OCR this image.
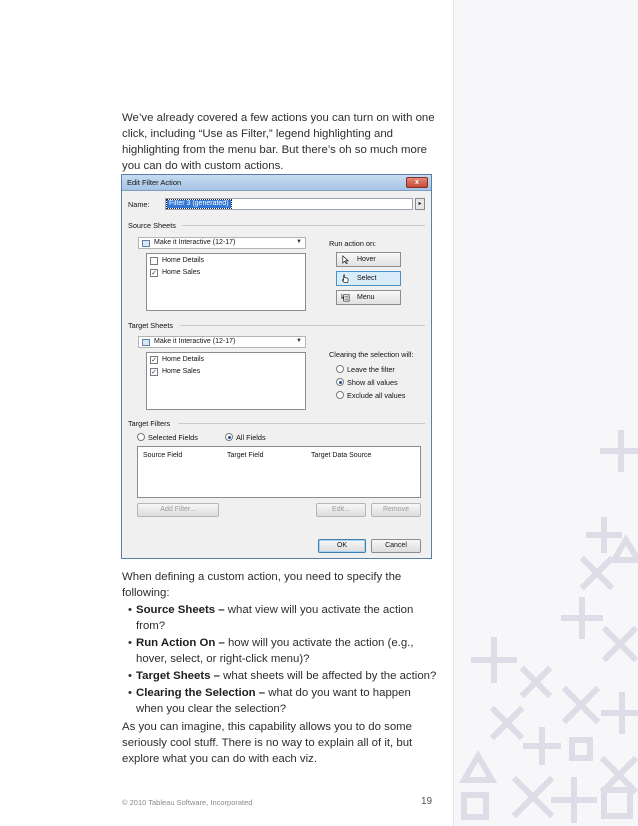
We’ve already covered a few actions you can turn on with one click, including “Use as Filter,” legend highlighting and highlighting from the menu bar. But there’s oh so much more you can do with custom actions.

Edit Filter Action	x
Name:	Filter 3 (generated)	▸
Source Sheets
Make it Interactive (12-17)	▼
Home Details
✓ Home Sales
Run action on:
Hover
Select
Menu
Target Sheets
Make it Interactive (12-17)	▼
✓ Home Details
✓ Home Sales
Clearing the selection will:
Leave the filter
Show all values
Exclude all values
Target Filters
Selected Fields	All Fields
Source Field	Target Field	Target Data Source
Add Filter...	Edit...	Remove
OK	Cancel

When defining a custom action, you need to specify the following:

• Source Sheets – what view will you activate the action from?
• Run Action On – how will you activate the action (e.g., hover, select, or right-click menu)?
• Target Sheets – what sheets will be affected by the action?
• Clearing the Selection – what do you want to happen when you clear the selection?

As you can imagine, this capability allows you to do some seriously cool stuff. There is no way to explain all of it, but explore what you can do with each viz.

© 2010 Tableau Software, Incorporated	19
